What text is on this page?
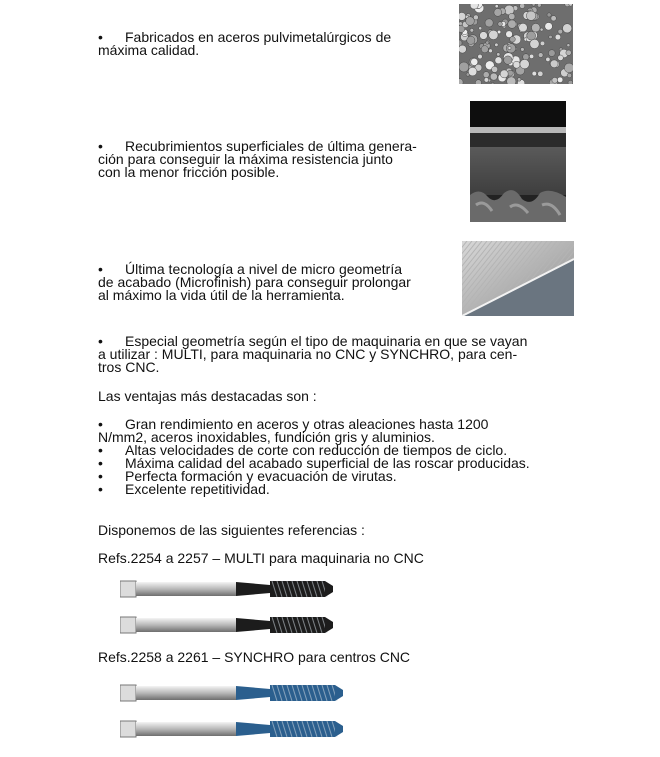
• Fabricados en aceros pulvimetalúrgicos de
máxima calidad.
• Recubrimientos superficiales de última genera-
ción para conseguir la máxima resistencia junto
con la menor fricción posible.
• Última tecnología a nivel de micro geometría
de acabado (Microfinish) para conseguir prolongar
al máximo la vida útil de la herramienta.
• Especial geometría según el tipo de maquinaria en que se vayan
a utilizar : MULTI, para maquinaria no CNC y SYNCHRO, para cen-
tros CNC.
Las ventajas más destacadas son :
• Gran rendimiento en aceros y otras aleaciones hasta 1200
N/mm2, aceros inoxidables, fundición gris y aluminios.
• Altas velocidades de corte con reducción de tiempos de ciclo.
• Máxima calidad del acabado superficial de las roscar producidas.
• Perfecta formación y evacuación de virutas.
• Excelente repetitividad.
Disponemos de las siguientes referencias :
Refs.2254 a 2257 – MULTI para maquinaria no CNC
Refs.2258 a 2261 – SYNCHRO para centros CNC
